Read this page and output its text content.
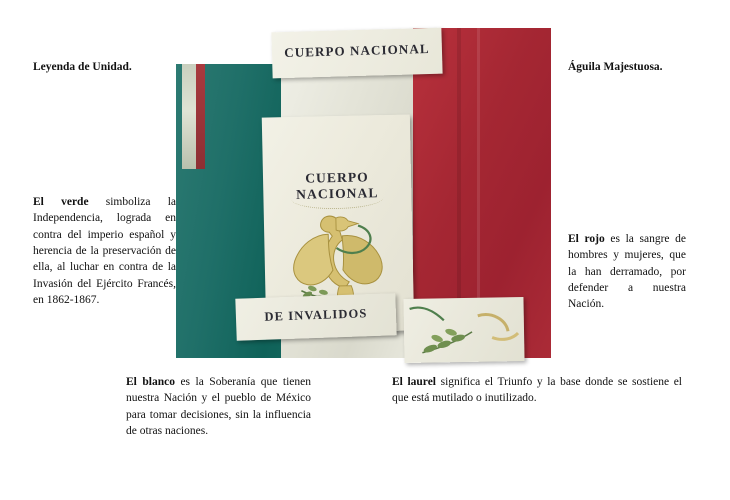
Leyenda de Unidad.	Águila Majestuosa.
El verde simboliza la Independencia, lograda en contra del imperio español y herencia de la preservación de ella, al luchar en contra de la Invasión del Ejército Francés, en 1862-1867.
El rojo es la sangre de hombres y mujeres, que la han derramado, por defender a nuestra Nación.
El blanco es la Soberanía que tienen nuestra Nación y el pueblo de México para tomar decisiones, sin la influencia de otras naciones.
El laurel significa el Triunfo y la base donde se sostiene el que está mutilado o inutilizado.
CUERPO NACIONAL
CUERPO NACIONAL
DE INVALIDOS
